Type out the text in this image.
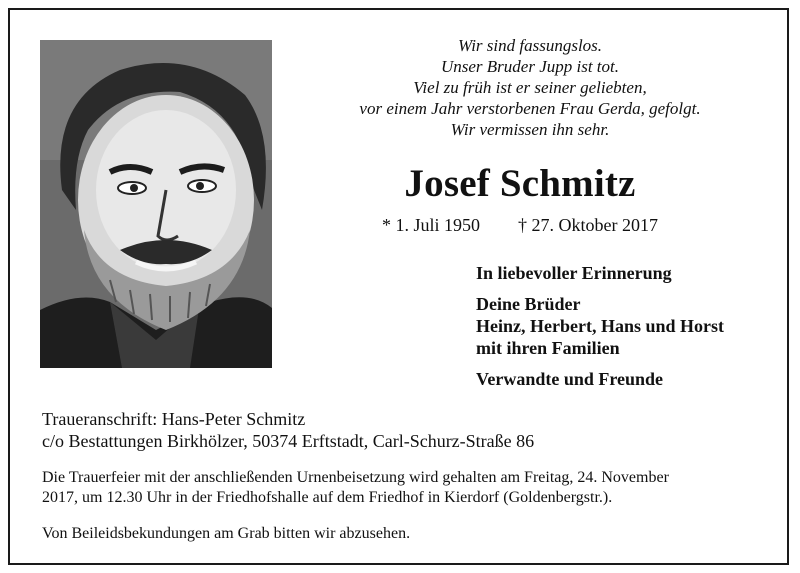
Wir sind fassungslos.
Unser Bruder Jupp ist tot.
Viel zu früh ist er seiner geliebten,
vor einem Jahr verstorbenen Frau Gerda, gefolgt.
Wir vermissen ihn sehr.
Josef Schmitz
* 1. Juli 1950 † 27. Oktober 2017
In liebevoller Erinnerung
Deine Brüder
Heinz, Herbert, Hans und Horst
mit ihren Familien
Verwandte und Freunde
Traueranschrift: Hans-Peter Schmitz
c/o Bestattungen Birkhölzer, 50374 Erftstadt, Carl-Schurz-Straße 86
Die Trauerfeier mit der anschließenden Urnenbeisetzung wird gehalten am Freitag, 24. November
2017, um 12.30 Uhr in der Friedhofshalle auf dem Friedhof in Kierdorf (Goldenbergstr.).
Von Beileidsbekundungen am Grab bitten wir abzusehen.
